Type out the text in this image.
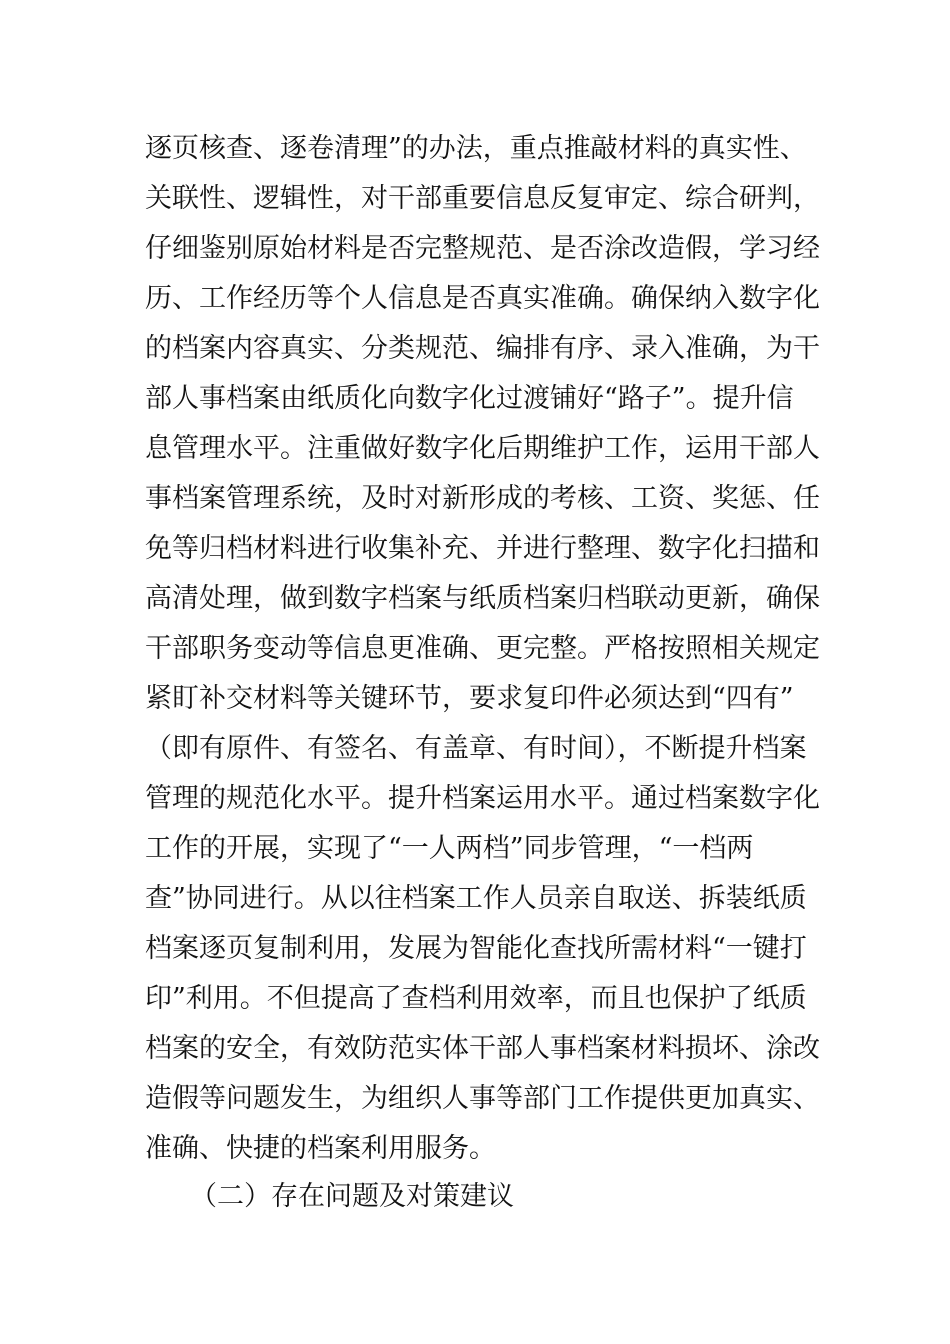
逐页核查、逐卷清理”的办法，重点推敲材料的真实性、
关联性、逻辑性，对干部重要信息反复审定、综合研判，
仔细鉴别原始材料是否完整规范、是否涂改造假，学习经
历、工作经历等个人信息是否真实准确。确保纳入数字化
的档案内容真实、分类规范、编排有序、录入准确，为干
部人事档案由纸质化向数字化过渡铺好“路子”。提升信
息管理水平。注重做好数字化后期维护工作，运用干部人
事档案管理系统，及时对新形成的考核、工资、奖惩、任
免等归档材料进行收集补充、并进行整理、数字化扫描和
高清处理，做到数字档案与纸质档案归档联动更新，确保
干部职务变动等信息更准确、更完整。严格按照相关规定
紧盯补交材料等关键环节，要求复印件必须达到“四有”
（即有原件、有签名、有盖章、有时间），不断提升档案
管理的规范化水平。提升档案运用水平。通过档案数字化
工作的开展，实现了“一人两档”同步管理，“一档两
查”协同进行。从以往档案工作人员亲自取送、拆装纸质
档案逐页复制利用，发展为智能化查找所需材料“一键打
印”利用。不但提高了查档利用效率，而且也保护了纸质
档案的安全，有效防范实体干部人事档案材料损坏、涂改
造假等问题发生，为组织人事等部门工作提供更加真实、
准确、快捷的档案利用服务。

（二）存在问题及对策建议
